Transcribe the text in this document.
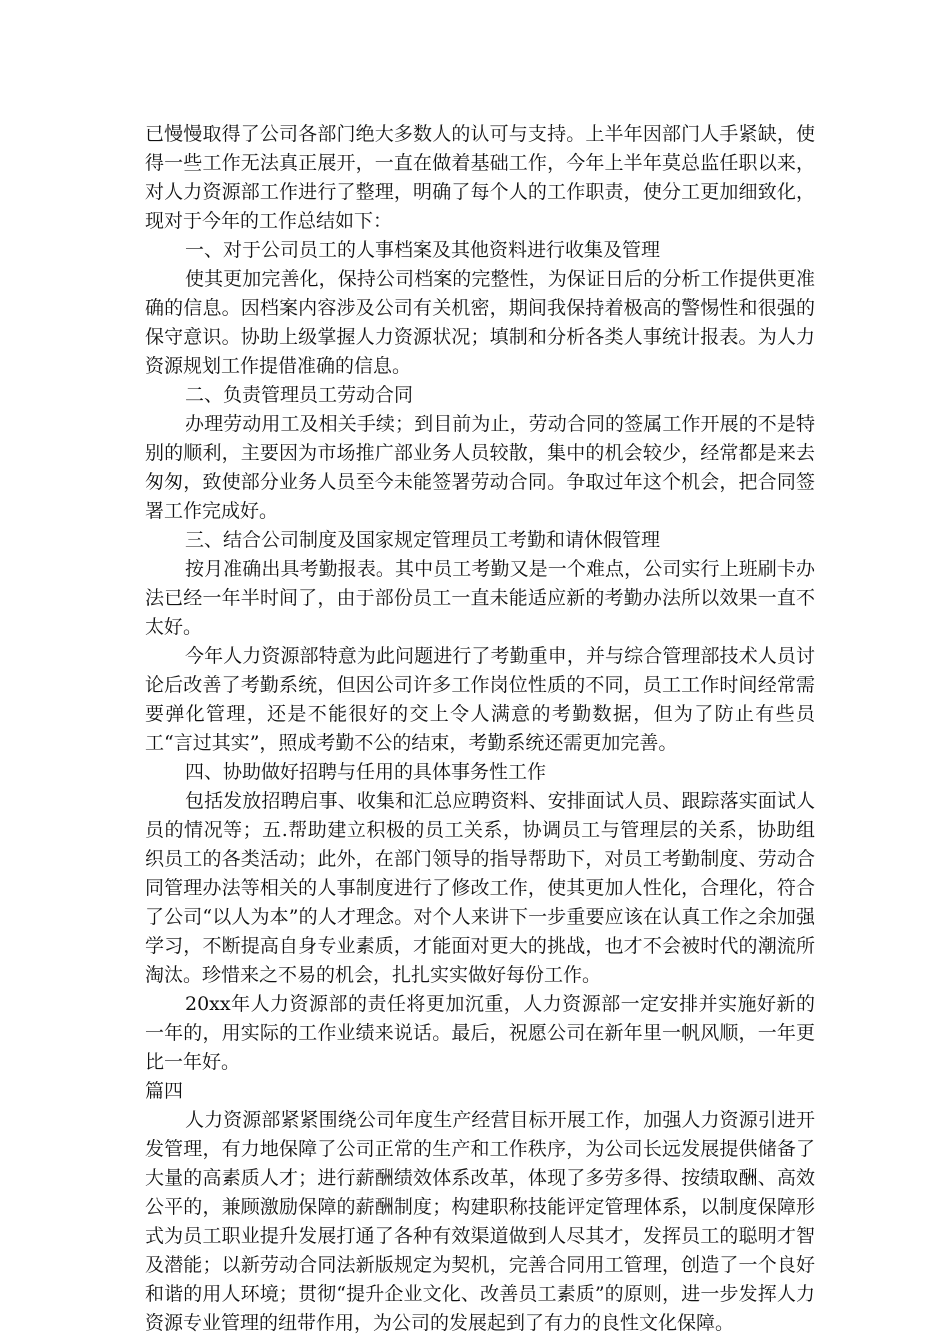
已慢慢取得了公司各部门绝大多数人的认可与支持。上半年因部门人手紧缺，使得一些工作无法真正展开，一直在做着基础工作，今年上半年莫总监任职以来，对人力资源部工作进行了整理，明确了每个人的工作职责，使分工更加细致化，现对于今年的工作总结如下：

一、对于公司员工的人事档案及其他资料进行收集及管理

使其更加完善化，保持公司档案的完整性，为保证日后的分析工作提供更准确的信息。因档案内容涉及公司有关机密，期间我保持着极高的警惕性和很强的保守意识。协助上级掌握人力资源状况；填制和分析各类人事统计报表。为人力资源规划工作提借准确的信息。

二、负责管理员工劳动合同

办理劳动用工及相关手续；到目前为止，劳动合同的签属工作开展的不是特别的顺利，主要因为市场推广部业务人员较散，集中的机会较少，经常都是来去匆匆，致使部分业务人员至今未能签署劳动合同。争取过年这个机会，把合同签署工作完成好。

三、结合公司制度及国家规定管理员工考勤和请休假管理

按月准确出具考勤报表。其中员工考勤又是一个难点，公司实行上班刷卡办法已经一年半时间了，由于部份员工一直未能适应新的考勤办法所以效果一直不太好。

今年人力资源部特意为此问题进行了考勤重申，并与综合管理部技术人员讨论后改善了考勤系统，但因公司许多工作岗位性质的不同，员工工作时间经常需要弹化管理，还是不能很好的交上令人满意的考勤数据，但为了防止有些员工“言过其实”，照成考勤不公的结束，考勤系统还需更加完善。

四、协助做好招聘与任用的具体事务性工作

包括发放招聘启事、收集和汇总应聘资料、安排面试人员、跟踪落实面试人员的情况等；五.帮助建立积极的员工关系，协调员工与管理层的关系，协助组织员工的各类活动；此外，在部门领导的指导帮助下，对员工考勤制度、劳动合同管理办法等相关的人事制度进行了修改工作，使其更加人性化，合理化，符合了公司“以人为本”的人才理念。对个人来讲下一步重要应该在认真工作之余加强学习，不断提高自身专业素质，才能面对更大的挑战，也才不会被时代的潮流所淘汰。珍惜来之不易的机会，扎扎实实做好每份工作。

20xx年人力资源部的责任将更加沉重，人力资源部一定安排并实施好新的一年的，用实际的工作业绩来说话。最后，祝愿公司在新年里一帆风顺，一年更比一年好。

篇四

人力资源部紧紧围绕公司年度生产经营目标开展工作，加强人力资源引进开发管理，有力地保障了公司正常的生产和工作秩序，为公司长远发展提供储备了大量的高素质人才；进行薪酬绩效体系改革，体现了多劳多得、按绩取酬、高效公平的，兼顾激励保障的薪酬制度；构建职称技能评定管理体系，以制度保障形式为员工职业提升发展打通了各种有效渠道做到人尽其才，发挥员工的聪明才智及潜能；以新劳动合同法新版规定为契机，完善合同用工管理，创造了一个良好和谐的用人环境；贯彻“提升企业文化、改善员工素质”的原则，进一步发挥人力资源专业管理的纽带作用，为公司的发展起到了有力的良性文化保障。
